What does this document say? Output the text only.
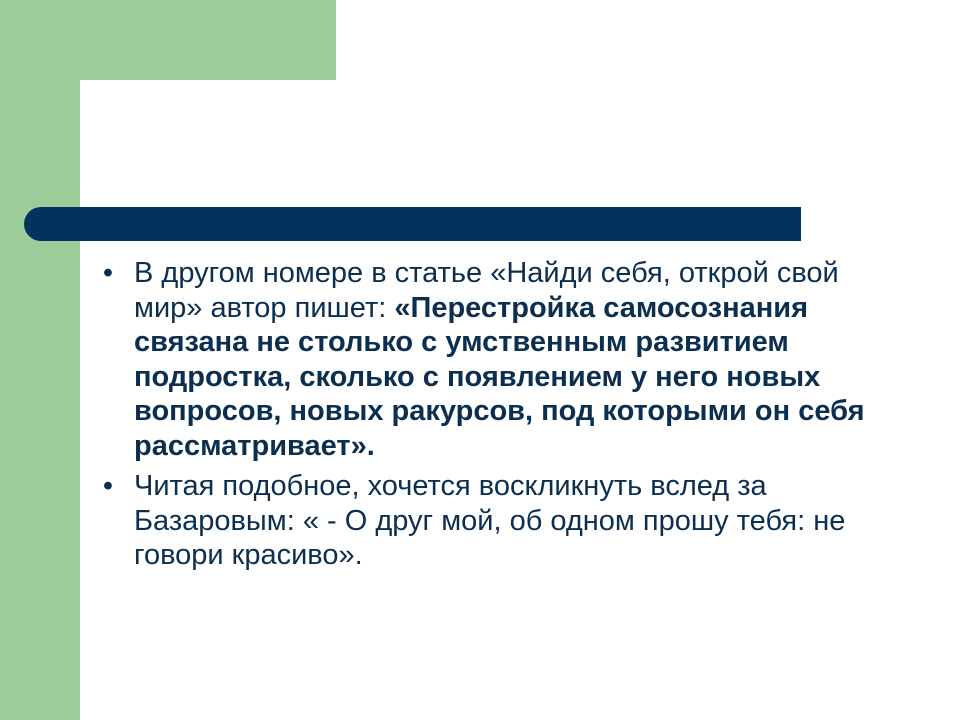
• В другом номере в статье «Найди себя, открой свой мир» автор пишет: «Перестройка самосознания связана не столько с умственным развитием подростка, сколько с появлением у него новых вопросов, новых ракурсов, под которыми он себя рассматривает».
• Читая подобное, хочется воскликнуть вслед за Базаровым: « - О друг мой, об одном прошу тебя: не говори красиво».
